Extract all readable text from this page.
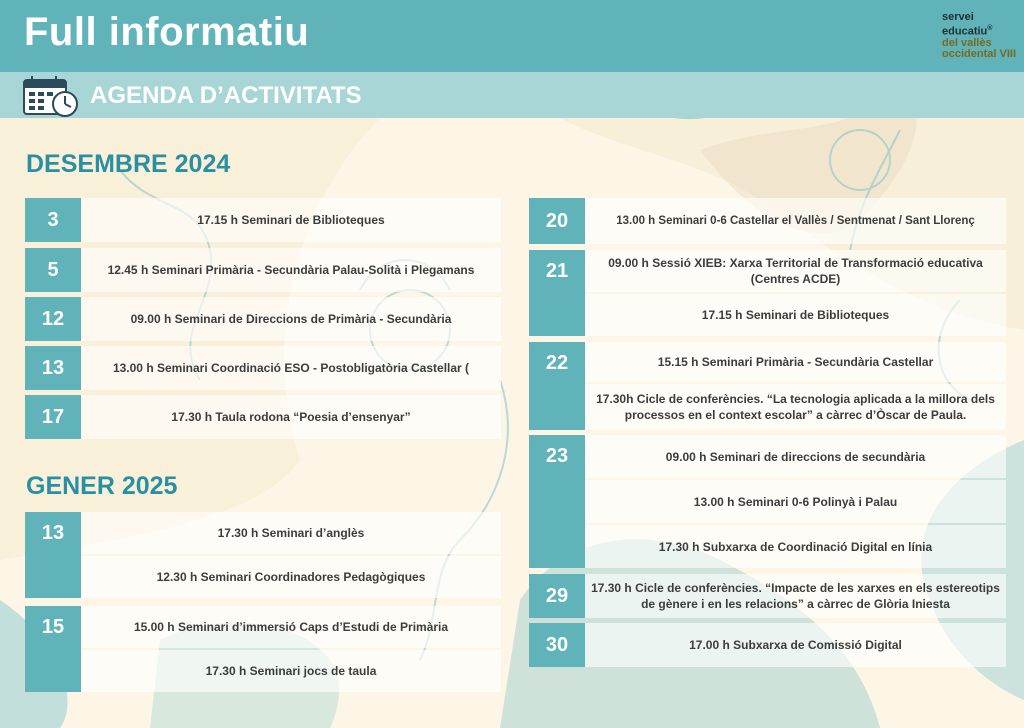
Full informatiu	servei
educatiu®
del vallès
occidental VIII
AGENDA D’ACTIVITATS
DESEMBRE 2024
GENER 2025
3	17.15 h Seminari de Biblioteques
5	12.45 h Seminari Primària - Secundària Palau-Solità i Plegamans
12	09.00 h Seminari de Direccions de Primària - Secundària
13	13.00 h Seminari Coordinació ESO - Postobligatòria Castellar (
17	17.30 h Taula rodona “Poesia d’ensenyar”
20	13.00 h Seminari 0-6 Castellar el Vallès / Sentmenat / Sant Llorenç
21	09.00 h Sessió XIEB: Xarxa Territorial de Transformació educativa (Centres ACDE)
17.15 h Seminari de Biblioteques
22	15.15 h Seminari Primària - Secundària Castellar
17.30h Cicle de conferències. “La tecnologia aplicada a la millora dels processos en el context escolar” a càrrec d’Òscar de Paula.
23	09.00 h Seminari de direccions de secundària
13.00 h Seminari 0-6 Polinyà i Palau
17.30 h Subxarxa de Coordinació Digital en línia
29	17.30 h Cicle de conferències. “Impacte de les xarxes en els estereotips de gènere i en les relacions” a càrrec de Glòria Iniesta
30	17.00 h Subxarxa de Comissió Digital
13	17.30 h Seminari d’anglès
12.30 h Seminari Coordinadores Pedagògiques
15	15.00 h Seminari d’immersió Caps d’Estudi de Primària
17.30 h Seminari jocs de taula
